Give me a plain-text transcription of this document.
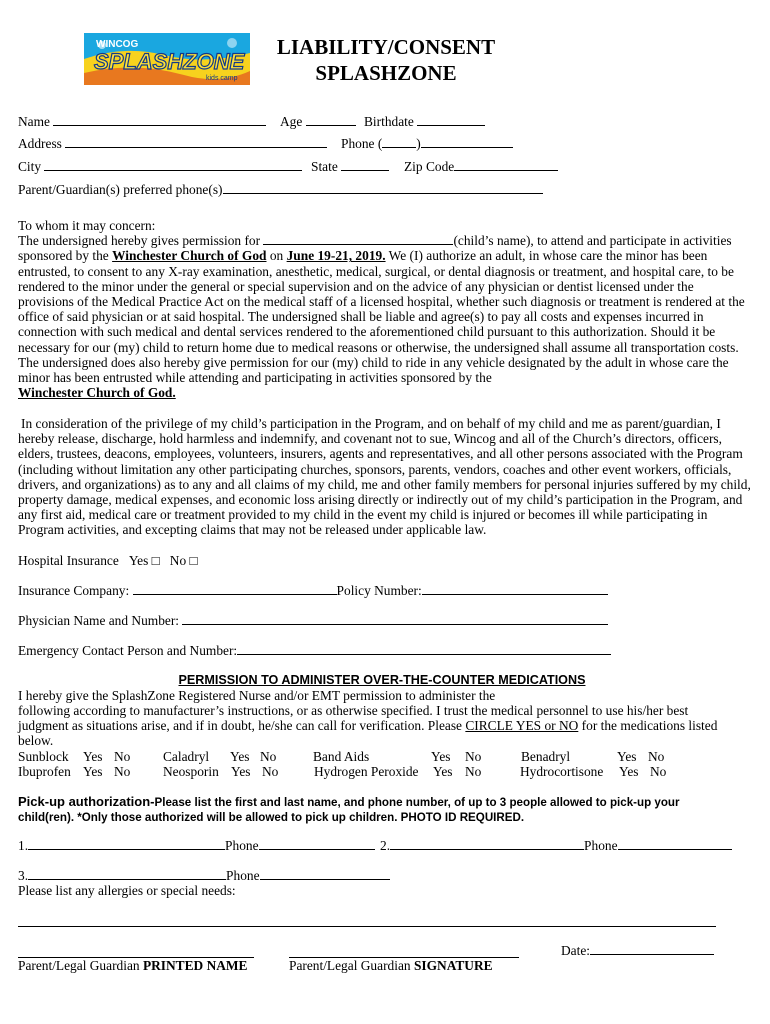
WINCOG
SPLASHZONE
kids camp
LIABILITY/CONSENT
SPLASHZONE
Name	Age	Birthdate
Address	Phone (	)
City	State	Zip Code
Parent/Guardian(s) preferred phone(s)
To whom it may concern:
The undersigned hereby gives permission for	(child’s name), to attend and participate in activities sponsored by the Winchester Church of God on June 19-21, 2019. We (I) authorize an adult, in whose care the minor has been entrusted, to consent to any X-ray examination, anesthetic, medical, surgical, or dental diagnosis or treatment, and hospital care, to be rendered to the minor under the general or special supervision and on the advice of any physician or dentist licensed under the provisions of the Medical Practice Act on the medical staff of a licensed hospital, whether such diagnosis or treatment is rendered at the office of said physician or at said hospital. The undersigned shall be liable and agree(s) to pay all costs and expenses incurred in connection with such medical and dental services rendered to the aforementioned child pursuant to this authorization. Should it be necessary for our (my) child to return home due to medical reasons or otherwise, the undersigned shall assume all transportation costs. The undersigned does also hereby give permission for our (my) child to ride in any vehicle designated by the adult in whose care the minor has been entrusted while attending and participating in activities sponsored by the
Winchester Church of God.
In consideration of the privilege of my child’s participation in the Program, and on behalf of my child and me as parent/guardian, I hereby release, discharge, hold harmless and indemnify, and covenant not to sue, Wincog and all of the Church’s directors, officers, elders, trustees, deacons, employees, volunteers, insurers, agents and representatives, and all other persons associated with the Program (including without limitation any other participating churches, sponsors, parents, vendors, coaches and other event workers, officials, drivers, and organizations) as to any and all claims of my child, me and other family members for personal injuries suffered by my child, property damage, medical expenses, and economic loss arising directly or indirectly out of my child’s participation in the Program, and any first aid, medical care or treatment provided to my child in the event my child is injured or becomes ill while participating in Program activities, and excepting claims that may not be released under applicable law.
Hospital Insurance Yes □ No □
Insurance Company:	Policy Number:
Physician Name and Number:
Emergency Contact Person and Number:
PERMISSION TO ADMINISTER OVER-THE-COUNTER MEDICATIONS
I hereby give the SplashZone Registered Nurse and/or EMT permission to administer the
following according to manufacturer’s instructions, or as otherwise specified. I trust the medical personnel to use his/her best
judgment as situations arise, and if in doubt, he/she can call for verification. Please CIRCLE YES or NO for the medications listed
below.
Sunblock Yes No Caladryl Yes No	Band Aids	Yes No	Benadryl	Yes No
Ibuprofen Yes No Neosporin Yes No	Hydrogen Peroxide Yes No	Hydrocortisone Yes No
Pick-up authorization-Please list the first and last name, and phone number, of up to 3 people allowed to pick-up your
child(ren). *Only those authorized will be allowed to pick up children. PHOTO ID REQUIRED.
1.	Phone	2.	Phone
3.	Phone
Please list any allergies or special needs:
Date:
Parent/Legal Guardian PRINTED NAME	Parent/Legal Guardian SIGNATURE
